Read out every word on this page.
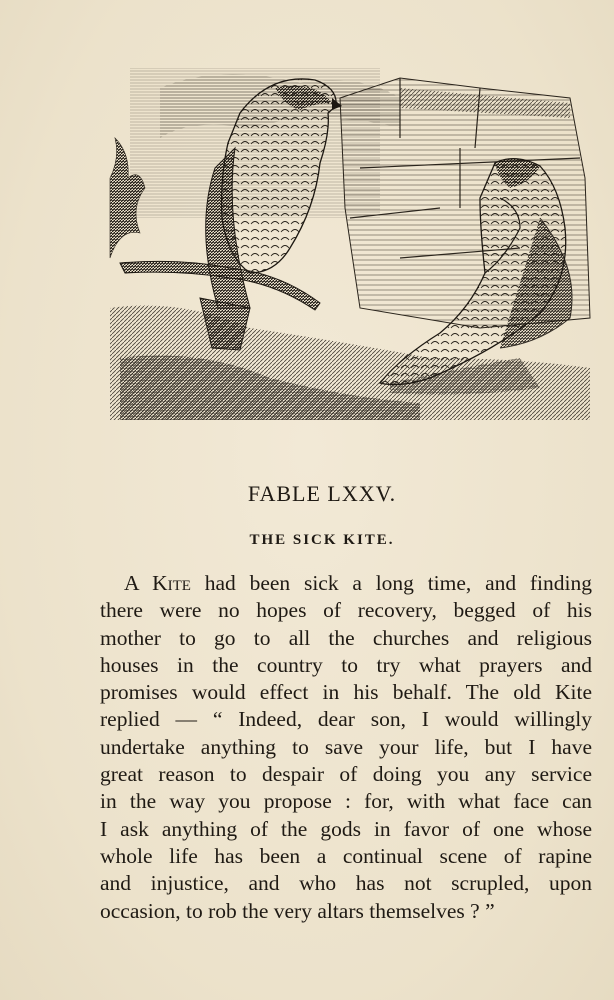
FABLE LXXV.
THE SICK KITE.
A Kite had been sick a long time, and finding
there were no hopes of recovery, begged of his
mother to go to all the churches and religious
houses in the country to try what prayers and
promises would effect in his behalf. The old Kite
replied — “ Indeed, dear son, I would willingly
undertake anything to save your life, but I have
great reason to despair of doing you any service
in the way you propose : for, with what face can
I ask anything of the gods in favor of one whose
whole life has been a continual scene of rapine
and injustice, and who has not scrupled, upon
occasion, to rob the very altars themselves ? ”
